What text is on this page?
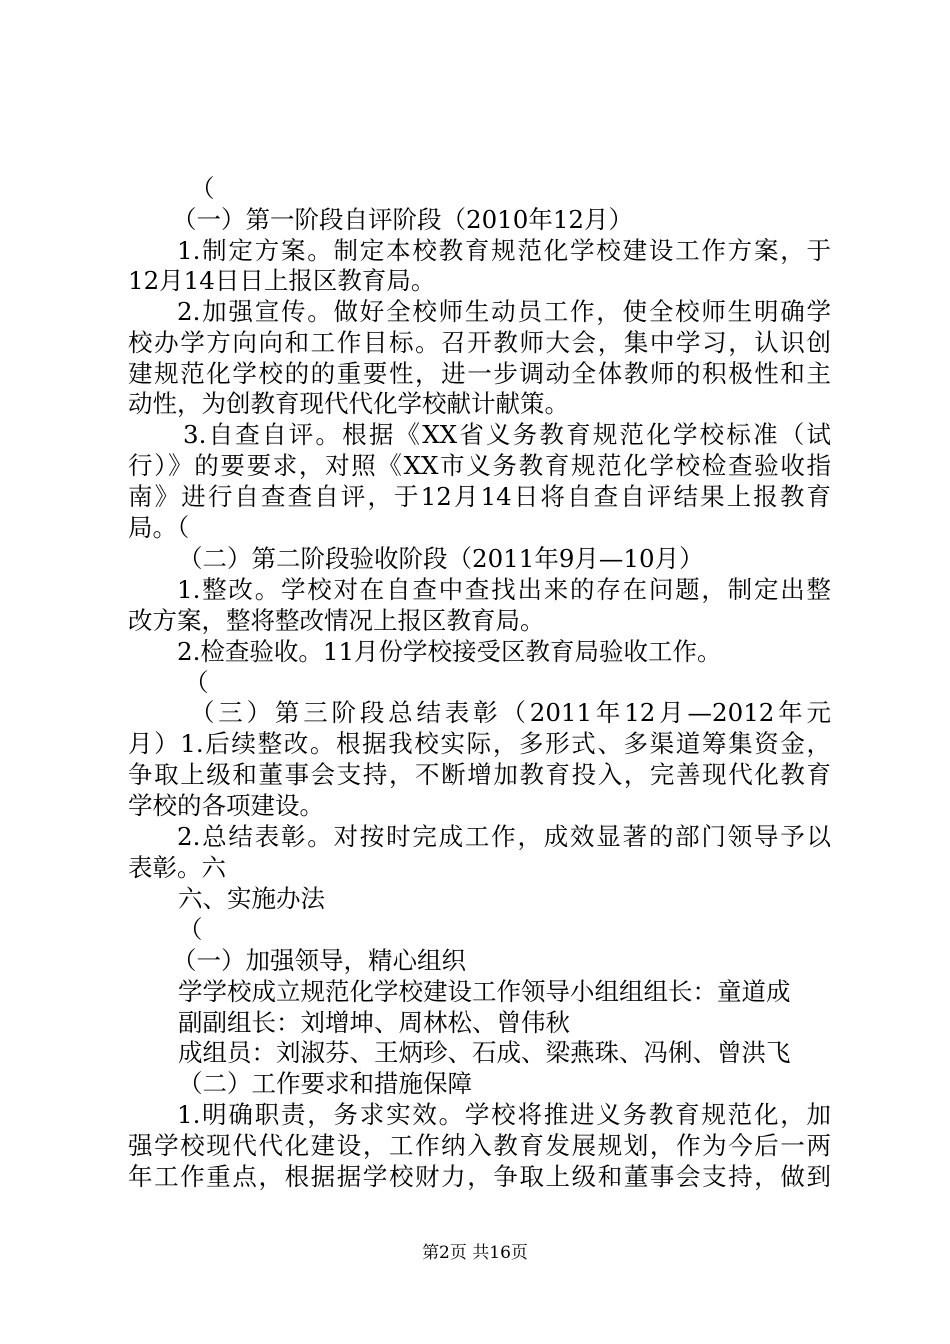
（
（一）第一阶段自评阶段（2010年12月）
1.制定方案。制定本校教育规范化学校建设工作方案，于
12月14日日上报区教育局。
2.加强宣传。做好全校师生动员工作，使全校师生明确学
校办学方向向和工作目标。召开教师大会，集中学习，认识创
建规范化学校的的重要性，进一步调动全体教师的积极性和主
动性，为创教育现代代化学校献计献策。
3.自查自评。根据《XX省义务教育规范化学校标准（试
行）》的要要求，对照《XX市义务教育规范化学校检查验收指
南》进行自查查自评，于12月14日将自查自评结果上报教育
局。（
（二）第二阶段验收阶段（2011年9月—10月）
1.整改。学校对在自查中查找出来的存在问题，制定出整
改方案，整将整改情况上报区教育局。
2.检查验收。11月份学校接受区教育局验收工作。
（
（三）第三阶段总结表彰（2011年12月—2012年元
月）1.后续整改。根据我校实际，多形式、多渠道筹集资金，
争取上级和董事会支持，不断增加教育投入，完善现代化教育
学校的各项建设。
2.总结表彰。对按时完成工作，成效显著的部门领导予以
表彰。六
六、实施办法
（
（一）加强领导，精心组织
学学校成立规范化学校建设工作领导小组组组长：童道成
副副组长：刘增坤、周林松、曾伟秋
成组员：刘淑芬、王炳珍、石成、梁燕珠、冯俐、曾洪飞
（二）工作要求和措施保障
1.明确职责，务求实效。学校将推进义务教育规范化，加
强学校现代代化建设，工作纳入教育发展规划，作为今后一两
年工作重点，根据据学校财力，争取上级和董事会支持，做到
第2页 共16页
